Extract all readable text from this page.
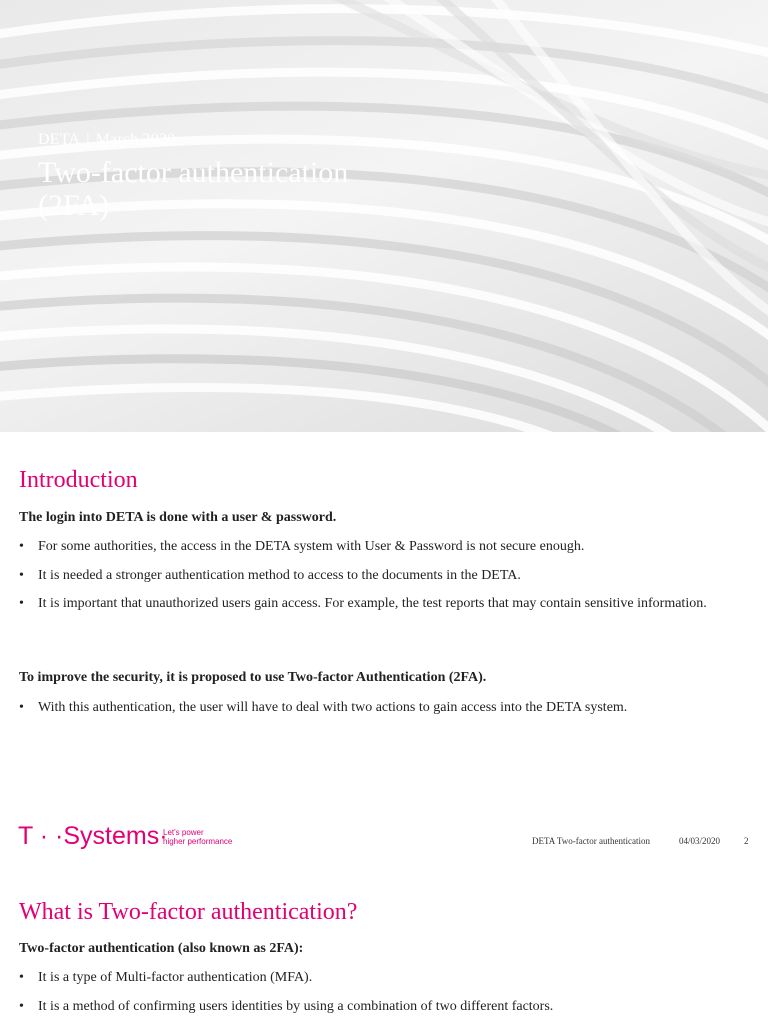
DETA | March 2020
Two-factor authentication
(2FA)
Introduction
The login into DETA is done with a user & password.
• For some authorities, the access in the DETA system with User & Password is not secure enough.
• It is needed a stronger authentication method to access to the documents in the DETA.
• It is important that unauthorized users gain access. For example, the test reports that may contain sensitive information.
To improve the security, it is proposed to use Two-factor Authentication (2FA).
• With this authentication, the user will have to deal with two actions to gain access into the DETA system.
T · ·Systems·
Let's power
higher performance	DETA Two-factor authentication	04/03/2020	2
What is Two-factor authentication?
Two-factor authentication (also known as 2FA):
• It is a type of Multi-factor authentication (MFA).
• It is a method of confirming users identities by using a combination of two different factors.
